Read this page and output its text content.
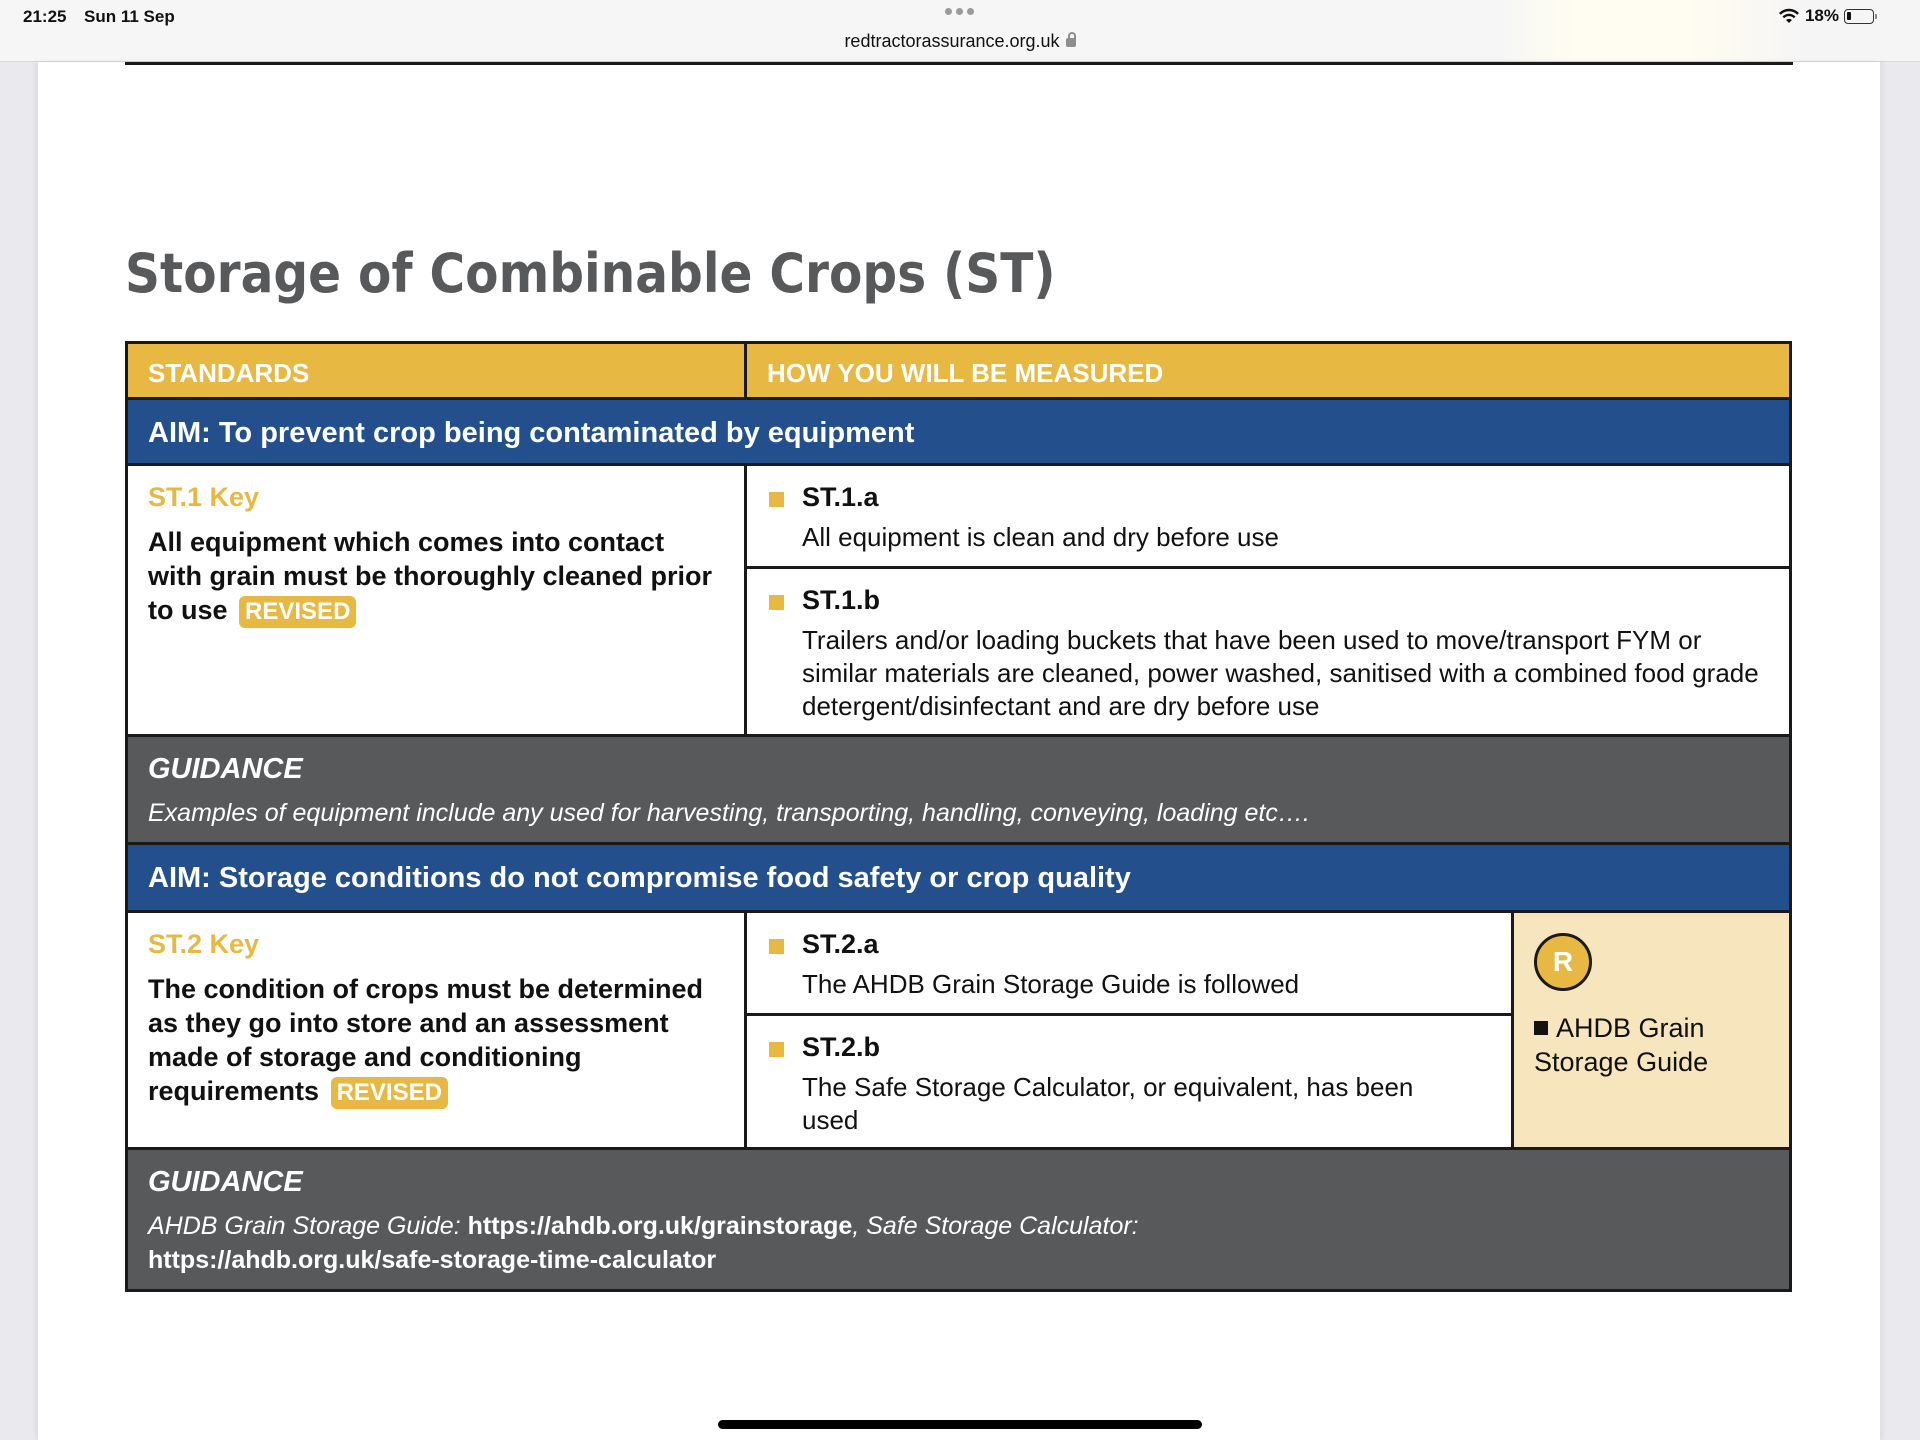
21:25 Sun 11 Sep
redtractorassurance.org.uk
18%
Storage of Combinable Crops (ST)
STANDARDS	HOW YOU WILL BE MEASURED
AIM: To prevent crop being contaminated by equipment
ST.1 Key
All equipment which comes into contact with grain must be thoroughly cleaned prior to use REVISED
ST.1.a
All equipment is clean and dry before use
ST.1.b
Trailers and/or loading buckets that have been used to move/transport FYM or similar materials are cleaned, power washed, sanitised with a combined food grade detergent/disinfectant and are dry before use
GUIDANCE
Examples of equipment include any used for harvesting, transporting, handling, conveying, loading etc….
AIM: Storage conditions do not compromise food safety or crop quality
ST.2 Key
The condition of crops must be determined as they go into store and an assessment made of storage and conditioning requirements REVISED
ST.2.a
The AHDB Grain Storage Guide is followed
ST.2.b
The Safe Storage Calculator, or equivalent, has been used
R
AHDB Grain Storage Guide
GUIDANCE
AHDB Grain Storage Guide: https://ahdb.org.uk/grainstorage, Safe Storage Calculator:
https://ahdb.org.uk/safe-storage-time-calculator
